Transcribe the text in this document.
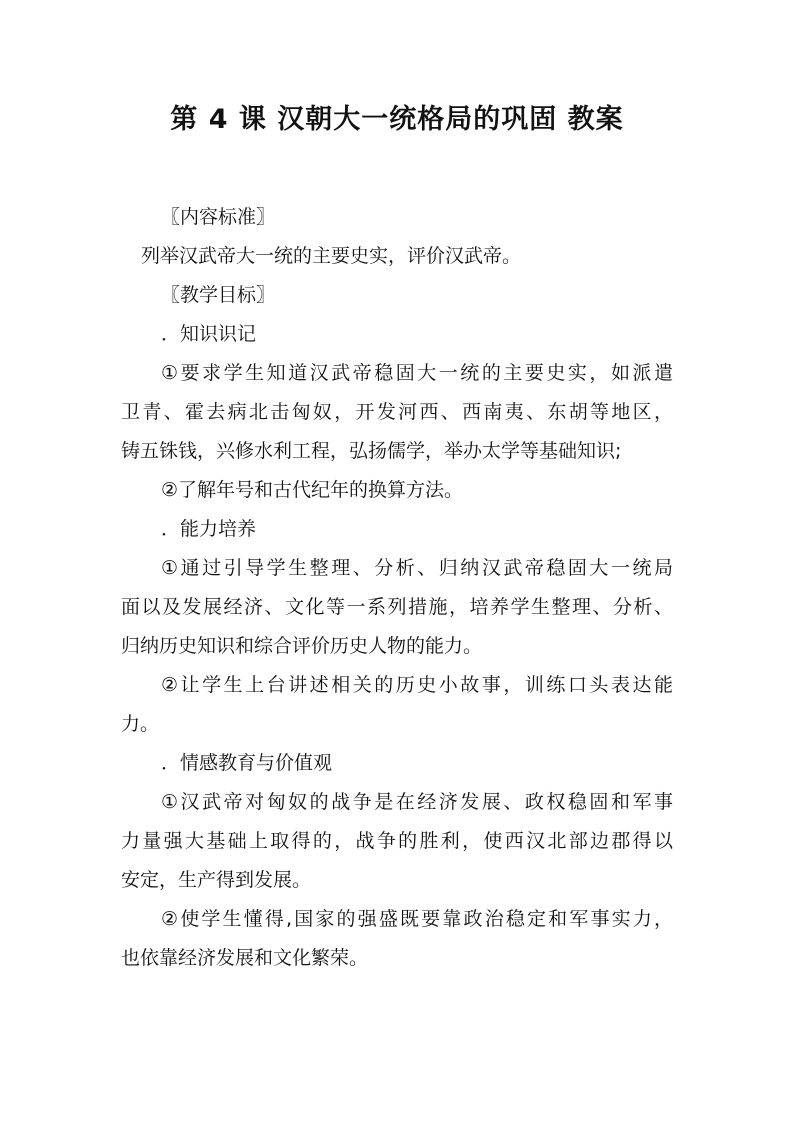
第 4 课 汉朝大一统格局的巩固 教案
〖内容标准〗
列举汉武帝大一统的主要史实，评价汉武帝。
〖教学目标〗
．知识识记
①要求学生知道汉武帝稳固大一统的主要史实，如派遣
卫青、霍去病北击匈奴，开发河西、西南夷、东胡等地区，
铸五铢钱，兴修水利工程，弘扬儒学，举办太学等基础知识;
②了解年号和古代纪年的换算方法。
．能力培养
①通过引导学生整理、分析、归纳汉武帝稳固大一统局
面以及发展经济、文化等一系列措施，培养学生整理、分析、
归纳历史知识和综合评价历史人物的能力。
②让学生上台讲述相关的历史小故事，训练口头表达能
力。
．情感教育与价值观
①汉武帝对匈奴的战争是在经济发展、政权稳固和军事
力量强大基础上取得的，战争的胜利，使西汉北部边郡得以
安定，生产得到发展。
②使学生懂得,国家的强盛既要靠政治稳定和军事实力，
也依靠经济发展和文化繁荣。
